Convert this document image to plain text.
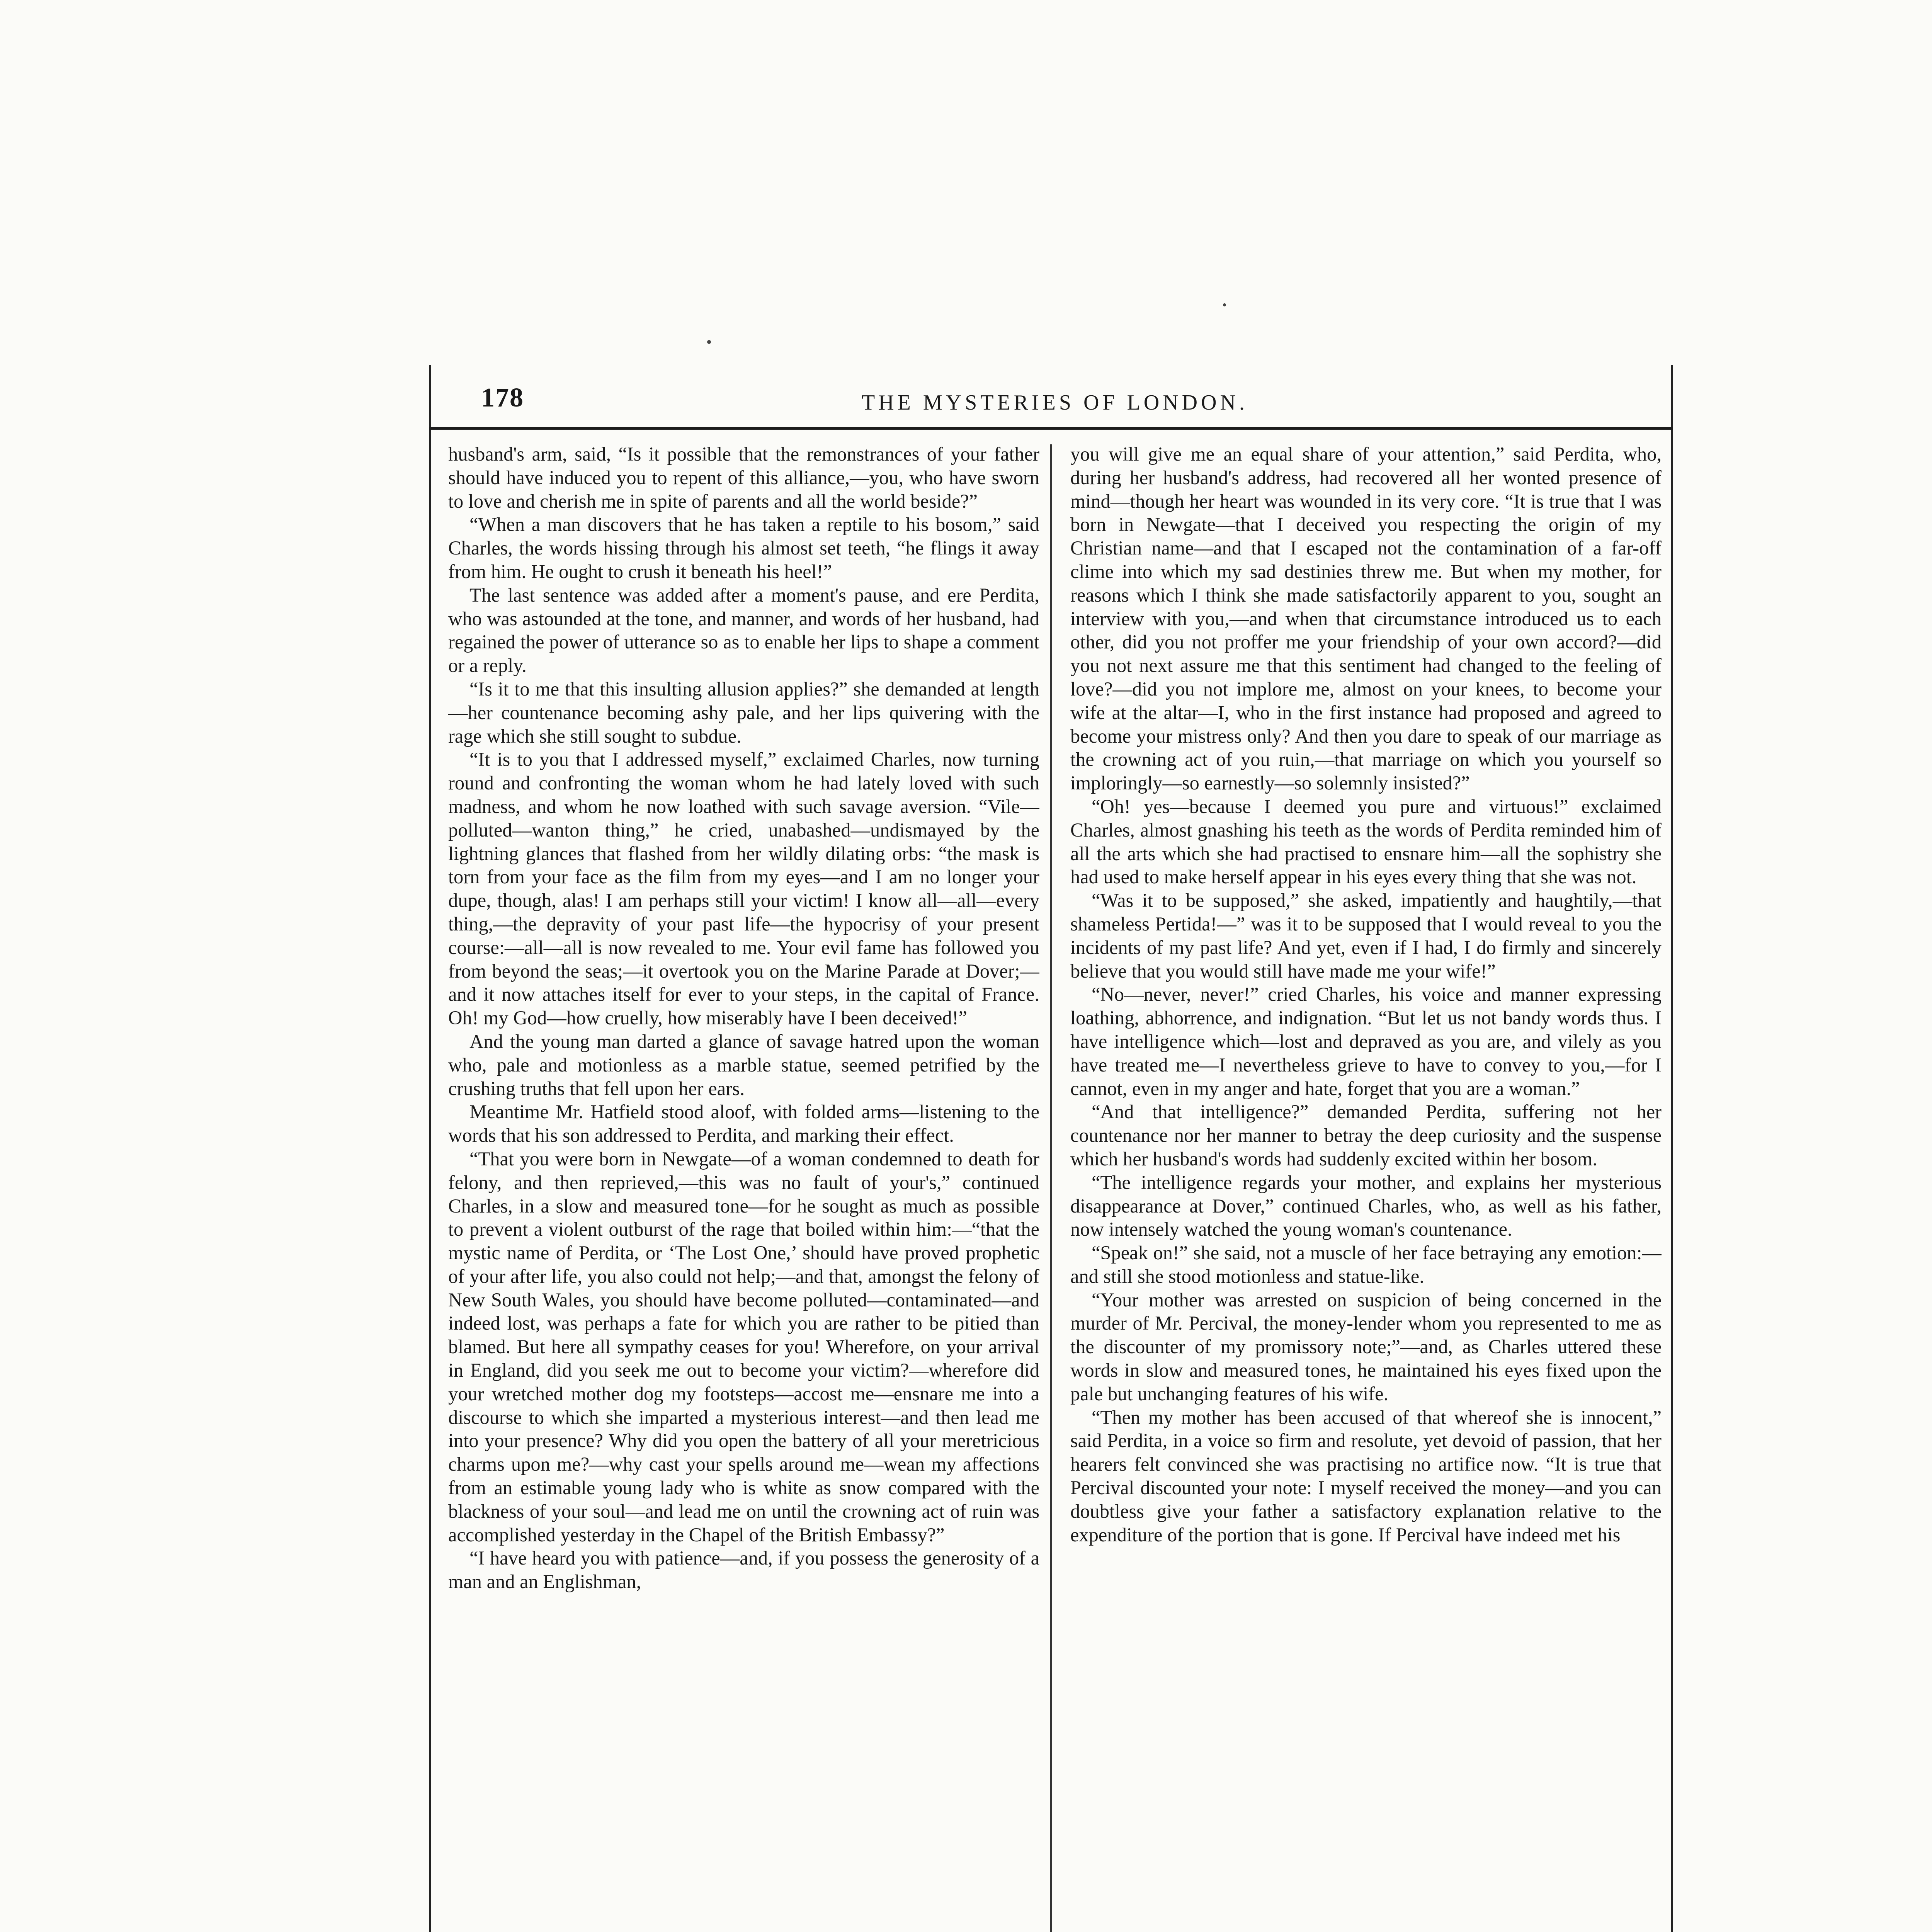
178	THE MYSTERIES OF LONDON.

husband's arm, said, “Is it possible that the remonstrances of your father should have induced you to repent of this alliance,—you, who have sworn to love and cherish me in spite of parents and all the world beside?”

“When a man discovers that he has taken a reptile to his bosom,” said Charles, the words hissing through his almost set teeth, “he flings it away from him. He ought to crush it beneath his heel!”

The last sentence was added after a moment's pause, and ere Perdita, who was astounded at the tone, and manner, and words of her husband, had regained the power of utterance so as to enable her lips to shape a comment or a reply.

“Is it to me that this insulting allusion applies?” she demanded at length—her countenance becoming ashy pale, and her lips quivering with the rage which she still sought to subdue.

“It is to you that I addressed myself,” exclaimed Charles, now turning round and confronting the woman whom he had lately loved with such madness, and whom he now loathed with such savage aversion. “Vile—polluted—wanton thing,” he cried, unabashed—undismayed by the lightning glances that flashed from her wildly dilating orbs: “the mask is torn from your face as the film from my eyes—and I am no longer your dupe, though, alas! I am perhaps still your victim! I know all—all—every thing,—the depravity of your past life—the hypocrisy of your present course:—all—all is now revealed to me. Your evil fame has followed you from beyond the seas;—it overtook you on the Marine Parade at Dover;—and it now attaches itself for ever to your steps, in the capital of France. Oh! my God—how cruelly, how miserably have I been deceived!”

And the young man darted a glance of savage hatred upon the woman who, pale and motionless as a marble statue, seemed petrified by the crushing truths that fell upon her ears.

Meantime Mr. Hatfield stood aloof, with folded arms—listening to the words that his son addressed to Perdita, and marking their effect.

“That you were born in Newgate—of a woman condemned to death for felony, and then reprieved,—this was no fault of your's,” continued Charles, in a slow and measured tone—for he sought as much as possible to prevent a violent outburst of the rage that boiled within him:—“that the mystic name of Perdita, or ‘The Lost One,’ should have proved prophetic of your after life, you also could not help;—and that, amongst the felony of New South Wales, you should have become polluted—contaminated—and indeed lost, was perhaps a fate for which you are rather to be pitied than blamed. But here all sympathy ceases for you! Wherefore, on your arrival in England, did you seek me out to become your victim?—wherefore did your wretched mother dog my footsteps—accost me—ensnare me into a discourse to which she imparted a mysterious interest—and then lead me into your presence? Why did you open the battery of all your meretricious charms upon me?—why cast your spells around me—wean my affections from an estimable young lady who is white as snow compared with the blackness of your soul—and lead me on until the crowning act of ruin was accomplished yesterday in the Chapel of the British Embassy?”

“I have heard you with patience—and, if you possess the generosity of a man and an Englishman,

you will give me an equal share of your attention,” said Perdita, who, during her husband's address, had recovered all her wonted presence of mind—though her heart was wounded in its very core. “It is true that I was born in Newgate—that I deceived you respecting the origin of my Christian name—and that I escaped not the contamination of a far-off clime into which my sad destinies threw me. But when my mother, for reasons which I think she made satisfactorily apparent to you, sought an interview with you,—and when that circumstance introduced us to each other, did you not proffer me your friendship of your own accord?—did you not next assure me that this sentiment had changed to the feeling of love?—did you not implore me, almost on your knees, to become your wife at the altar—I, who in the first instance had proposed and agreed to become your mistress only? And then you dare to speak of our marriage as the crowning act of you ruin,—that marriage on which you yourself so imploringly—so earnestly—so solemnly insisted?”

“Oh! yes—because I deemed you pure and virtuous!” exclaimed Charles, almost gnashing his teeth as the words of Perdita reminded him of all the arts which she had practised to ensnare him—all the sophistry she had used to make herself appear in his eyes every thing that she was not.

“Was it to be supposed,” she asked, impatiently and haughtily,—that shameless Pertida!—” was it to be supposed that I would reveal to you the incidents of my past life? And yet, even if I had, I do firmly and sincerely believe that you would still have made me your wife!”

“No—never, never!” cried Charles, his voice and manner expressing loathing, abhorrence, and indignation. “But let us not bandy words thus. I have intelligence which—lost and depraved as you are, and vilely as you have treated me—I nevertheless grieve to have to convey to you,—for I cannot, even in my anger and hate, forget that you are a woman.”

“And that intelligence?” demanded Perdita, suffering not her countenance nor her manner to betray the deep curiosity and the suspense which her husband's words had suddenly excited within her bosom.

“The intelligence regards your mother, and explains her mysterious disappearance at Dover,” continued Charles, who, as well as his father, now intensely watched the young woman's countenance.

“Speak on!” she said, not a muscle of her face betraying any emotion:—and still she stood motionless and statue-like.

“Your mother was arrested on suspicion of being concerned in the murder of Mr. Percival, the money-lender whom you represented to me as the discounter of my promissory note;”—and, as Charles uttered these words in slow and measured tones, he maintained his eyes fixed upon the pale but unchanging features of his wife.

“Then my mother has been accused of that whereof she is innocent,” said Perdita, in a voice so firm and resolute, yet devoid of passion, that her hearers felt convinced she was practising no artifice now. “It is true that Percival discounted your note: I myself received the money—and you can doubtless give your father a satisfactory explanation relative to the expenditure of the portion that is gone. If Percival have indeed met his
